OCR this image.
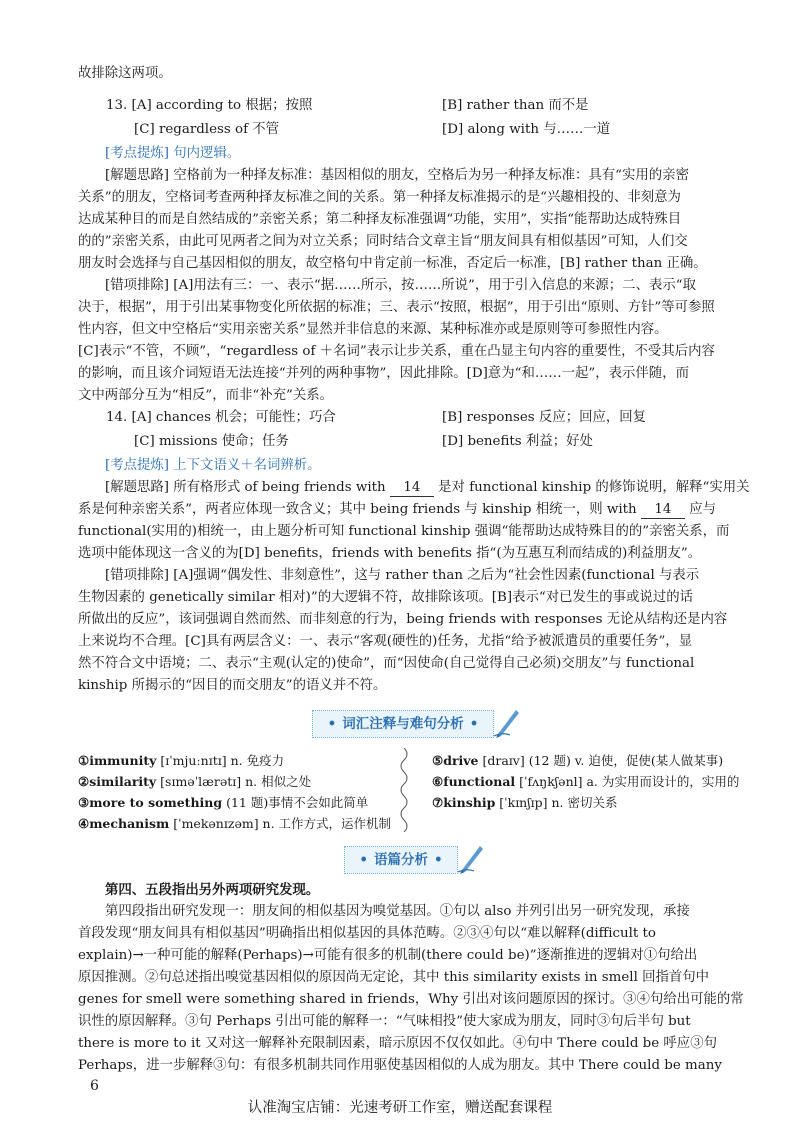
故排除这两项。
13. [A] according to 根据；按照	[B] rather than 而不是
[C] regardless of 不管	[D] along with 与……一道
[考点提炼] 句内逻辑。
[解题思路] 空格前为一种择友标准：基因相似的朋友，空格后为另一种择友标准：具有“实用的亲密
关系”的朋友，空格词考查两种择友标准之间的关系。第一种择友标准揭示的是“兴趣相投的、非刻意为
达成某种目的而是自然结成的”亲密关系；第二种择友标准强调“功能，实用”，实指“能帮助达成特殊目
的的”亲密关系，由此可见两者之间为对立关系；同时结合文章主旨“朋友间具有相似基因”可知，人们交
朋友时会选择与自己基因相似的朋友，故空格句中肯定前一标准，否定后一标准，[B] rather than 正确。
[错项排除] [A]用法有三：一、表示“据……所示，按……所说”，用于引入信息的来源；二、表示“取
决于，根据”，用于引出某事物变化所依据的标准；三、表示“按照，根据”，用于引出“原则、方针”等可参照
性内容，但文中空格后“实用亲密关系”显然并非信息的来源、某种标准亦或是原则等可参照性内容。
[C]表示“不管，不顾”，“regardless of ＋名词”表示让步关系，重在凸显主句内容的重要性，不受其后内容
的影响，而且该介词短语无法连接“并列的两种事物”，因此排除。[D]意为“和……一起”，表示伴随，而
文中两部分互为“相反”，而非“补充”关系。
14. [A] chances 机会；可能性；巧合	[B] responses 反应；回应，回复
[C] missions 使命；任务	[D] benefits 利益；好处
[考点提炼] 上下文语义＋名词辨析。
[解题思路] 所有格形式 of being friends with 14 是对 functional kinship 的修饰说明，解释“实用关
系是何种亲密关系”，两者应体现一致含义；其中 being friends 与 kinship 相统一，则 with 14 应与
functional(实用的)相统一，由上题分析可知 functional kinship 强调“能帮助达成特殊目的的”亲密关系，而
选项中能体现这一含义的为[D] benefits，friends with benefits 指“(为互惠互利而结成的)利益朋友”。
[错项排除] [A]强调“偶发性、非刻意性”，这与 rather than 之后为“社会性因素(functional 与表示
生物因素的 genetically similar 相对)”的大逻辑不符，故排除该项。[B]表示“对已发生的事或说过的话
所做出的反应”，该词强调自然而然、而非刻意的行为，being friends with responses 无论从结构还是内容
上来说均不合理。[C]具有两层含义：一、表示“客观(硬性的)任务，尤指“给予被派遣员的重要任务”，显
然不符合文中语境；二、表示“主观(认定的)使命”，而“因使命(自己觉得自己必须)交朋友”与 functional
kinship 所揭示的“因目的而交朋友”的语义并不符。
• 词汇注释与难句分析 •
①immunity [ɪˈmjuːnɪtɪ] n. 免疫力
②similarity [sɪməˈlærətɪ] n. 相似之处
③more to something (11 题)事情不会如此简单
④mechanism [ˈmekənɪzəm] n. 工作方式，运作机制
⑤drive [draɪv] (12 题) v. 迫使，促使(某人做某事)
⑥functional [ˈfʌŋkʃənl] a. 为实用而设计的，实用的
⑦kinship [ˈkɪnʃɪp] n. 密切关系
• 语篇分析 •
第四、五段指出另外两项研究发现。
第四段指出研究发现一：朋友间的相似基因为嗅觉基因。①句以 also 并列引出另一研究发现，承接
首段发现“朋友间具有相似基因”明确指出相似基因的具体范畴。②③④句以“难以解释(difficult to
explain)→一种可能的解释(Perhaps)→可能有很多的机制(there could be)”逐渐推进的逻辑对①句给出
原因推测。②句总述指出嗅觉基因相似的原因尚无定论，其中 this similarity exists in smell 回指首句中
genes for smell were something shared in friends，Why 引出对该问题原因的探讨。③④句给出可能的常
识性的原因解释。③句 Perhaps 引出可能的解释一：“气味相投”使大家成为朋友，同时③句后半句 but
6
there is more to it 又对这一解释补充限制因素，暗示原因不仅仅如此。④句中 There could be 呼应③句
Perhaps，进一步解释③句：有很多机制共同作用驱使基因相似的人成为朋友。其中 There could be many
认准淘宝店铺：光速考研工作室，赠送配套课程
